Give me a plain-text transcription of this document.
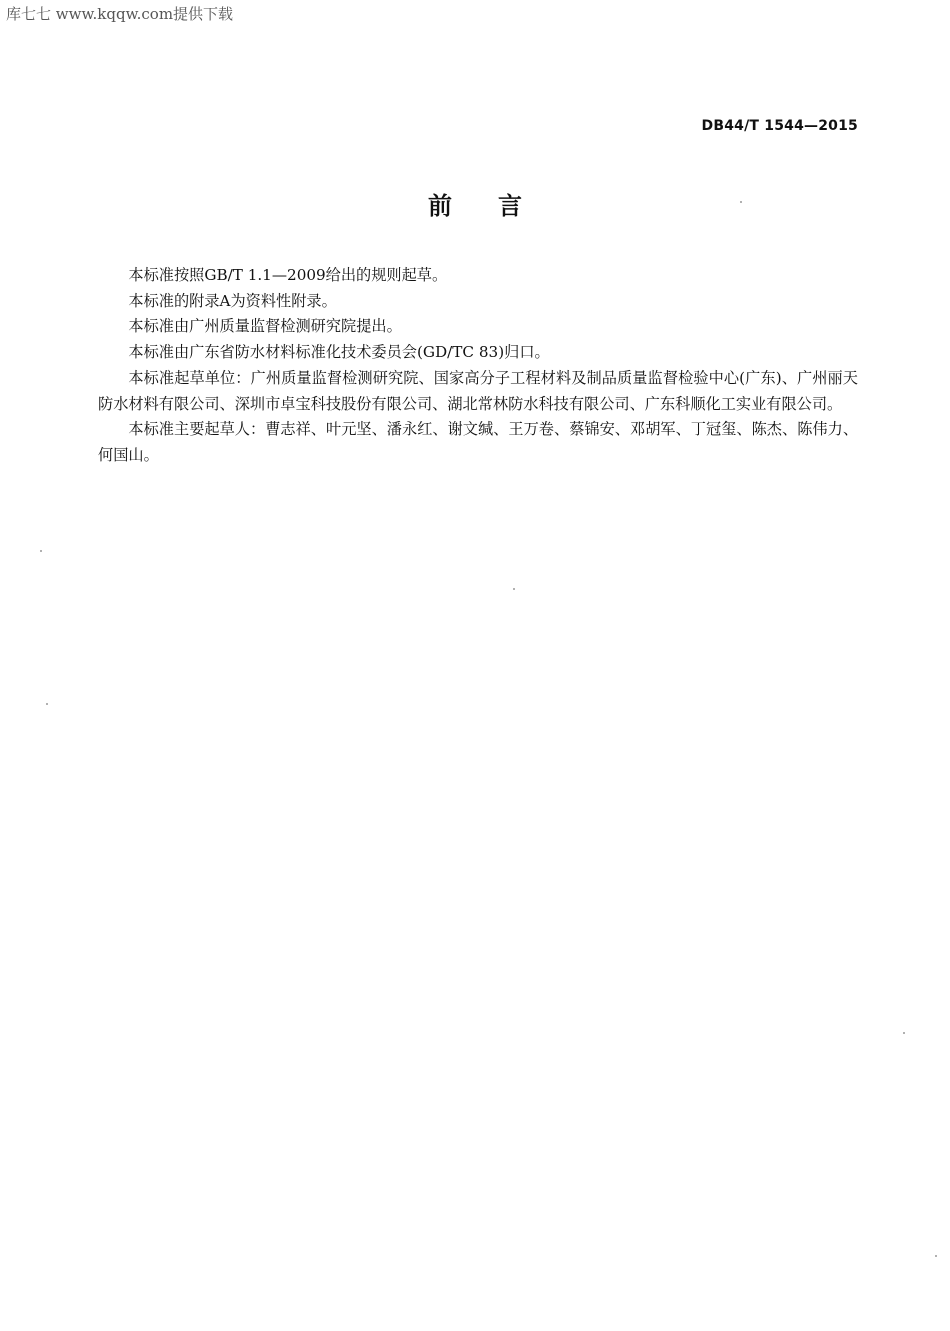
库七七 www.kqqw.com提供下载
DB44/T 1544—2015
前言

本标准按照GB/T 1.1—2009给出的规则起草。

本标准的附录A为资料性附录。

本标准由广州质量监督检测研究院提出。

本标准由广东省防水材料标准化技术委员会(GD/TC 83)归口。

本标准起草单位：广州质量监督检测研究院、国家高分子工程材料及制品质量监督检验中心(广东)、广州丽天防水材料有限公司、深圳市卓宝科技股份有限公司、湖北常林防水科技有限公司、广东科顺化工实业有限公司。

本标准主要起草人：曹志祥、叶元坚、潘永红、谢文缄、王万卷、蔡锦安、邓胡军、丁冠玺、陈杰、陈伟力、何国山。
